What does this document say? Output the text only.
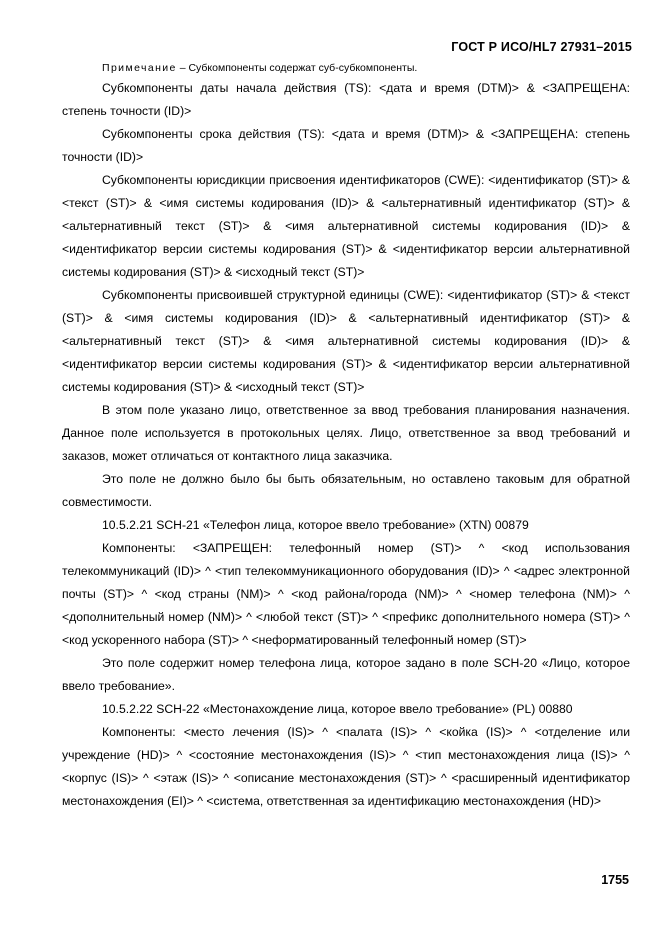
ГОСТ Р ИСО/HL7 27931–2015

Примечание – Субкомпоненты содержат суб-субкомпоненты.

Субкомпоненты даты начала действия (TS): <дата и время (DTM)> & <ЗАПРЕЩЕНА: степень точности (ID)>

Субкомпоненты срока действия (TS): <дата и время (DTM)> & <ЗАПРЕЩЕНА: степень точности (ID)>

Субкомпоненты юрисдикции присвоения идентификаторов (CWE): <идентификатор (ST)> & <текст (ST)> & <имя системы кодирования (ID)> & <альтернативный идентификатор (ST)> & <альтернативный текст (ST)> & <имя альтернативной системы кодирования (ID)> & <идентификатор версии системы кодирования (ST)> & <идентификатор версии альтернативной системы кодирования (ST)> & <исходный текст (ST)>

Субкомпоненты присвоившей структурной единицы (CWE): <идентификатор (ST)> & <текст (ST)> & <имя системы кодирования (ID)> & <альтернативный идентификатор (ST)> & <альтернативный текст (ST)> & <имя альтернативной системы кодирования (ID)> & <идентификатор версии системы кодирования (ST)> & <идентификатор версии альтернативной системы кодирования (ST)> & <исходный текст (ST)>

В этом поле указано лицо, ответственное за ввод требования планирования назначения. Данное поле используется в протокольных целях. Лицо, ответственное за ввод требований и заказов, может отличаться от контактного лица заказчика.

Это поле не должно было бы быть обязательным, но оставлено таковым для обратной совместимости.

10.5.2.21 SCH-21 «Телефон лица, которое ввело требование» (XTN) 00879

Компоненты: <ЗАПРЕЩЕН: телефонный номер (ST)> ^ <код использования телекоммуникаций (ID)> ^ <тип телекоммуникационного оборудования (ID)> ^ <адрес электронной почты (ST)> ^ <код страны (NM)> ^ <код района/города (NM)> ^ <номер телефона (NM)> ^ <дополнительный номер (NM)> ^ <любой текст (ST)> ^ <префикс дополнительного номера (ST)> ^ <код ускоренного набора (ST)> ^ <неформатированный телефонный номер (ST)>

Это поле содержит номер телефона лица, которое задано в поле SCH-20 «Лицо, которое ввело требование».

10.5.2.22 SCH-22 «Местонахождение лица, которое ввело требование» (PL) 00880

Компоненты: <место лечения (IS)> ^ <палата (IS)> ^ <койка (IS)> ^ <отделение или учреждение (HD)> ^ <состояние местонахождения (IS)> ^ <тип местонахождения лица (IS)> ^ <корпус (IS)> ^ <этаж (IS)> ^ <описание местонахождения (ST)> ^ <расширенный идентификатор местонахождения (EI)> ^ <система, ответственная за идентификацию местонахождения (HD)>

1755
